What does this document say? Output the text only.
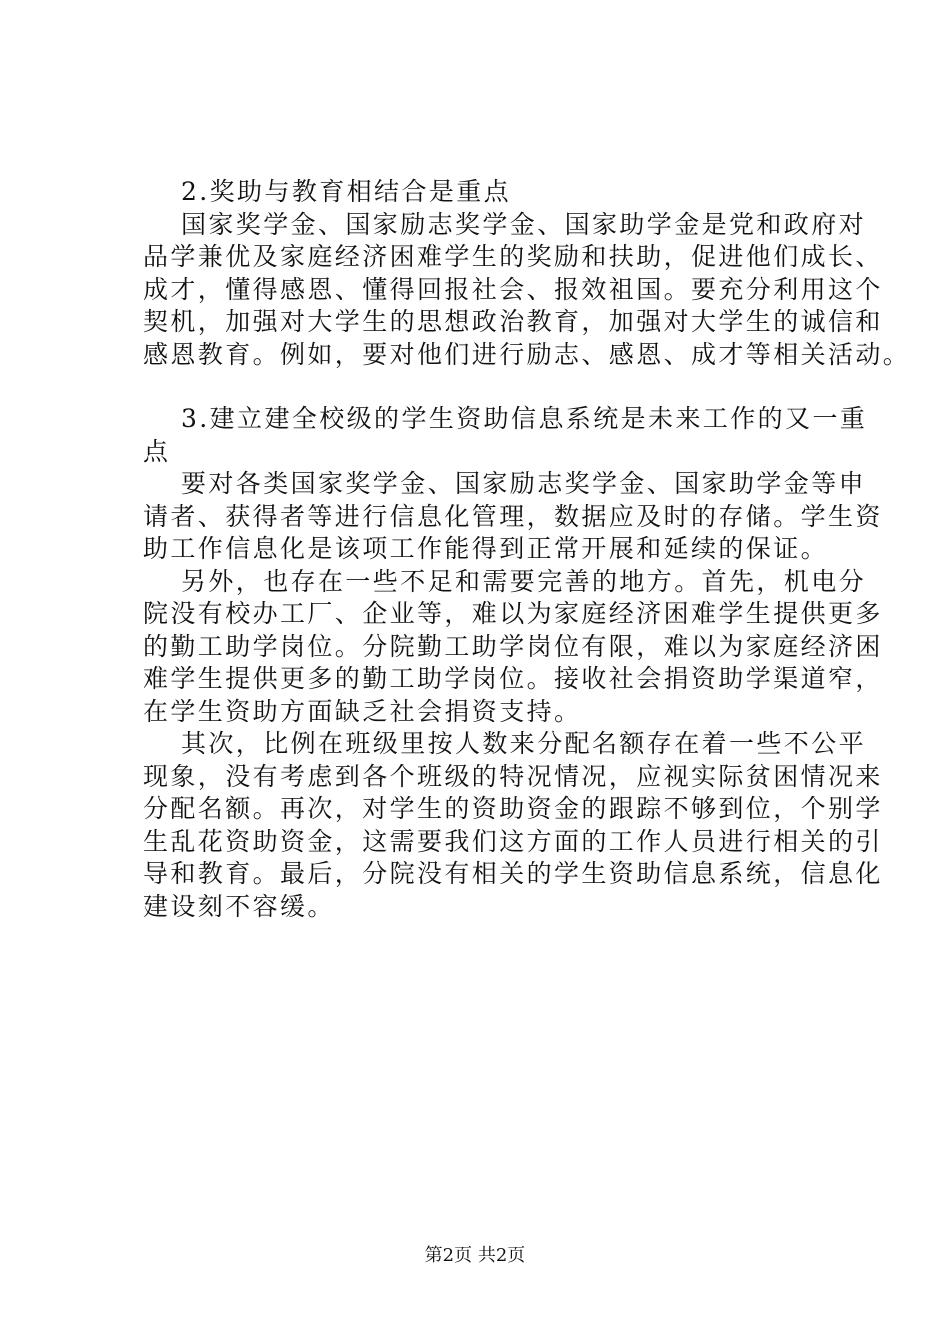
2.奖助与教育相结合是重点
国家奖学金、国家励志奖学金、国家助学金是党和政府对
品学兼优及家庭经济困难学生的奖励和扶助，促进他们成长、
成才，懂得感恩、懂得回报社会、报效祖国。要充分利用这个
契机，加强对大学生的思想政治教育，加强对大学生的诚信和
感恩教育。例如，要对他们进行励志、感恩、成才等相关活动。
3.建立建全校级的学生资助信息系统是未来工作的又一重
点
要对各类国家奖学金、国家励志奖学金、国家助学金等申
请者、获得者等进行信息化管理，数据应及时的存储。学生资
助工作信息化是该项工作能得到正常开展和延续的保证。
另外，也存在一些不足和需要完善的地方。首先，机电分
院没有校办工厂、企业等，难以为家庭经济困难学生提供更多
的勤工助学岗位。分院勤工助学岗位有限，难以为家庭经济困
难学生提供更多的勤工助学岗位。接收社会捐资助学渠道窄，
在学生资助方面缺乏社会捐资支持。
其次，比例在班级里按人数来分配名额存在着一些不公平
现象，没有考虑到各个班级的特况情况，应视实际贫困情况来
分配名额。再次，对学生的资助资金的跟踪不够到位，个别学
生乱花资助资金，这需要我们这方面的工作人员进行相关的引
导和教育。最后，分院没有相关的学生资助信息系统，信息化
建设刻不容缓。
第2页 共2页
